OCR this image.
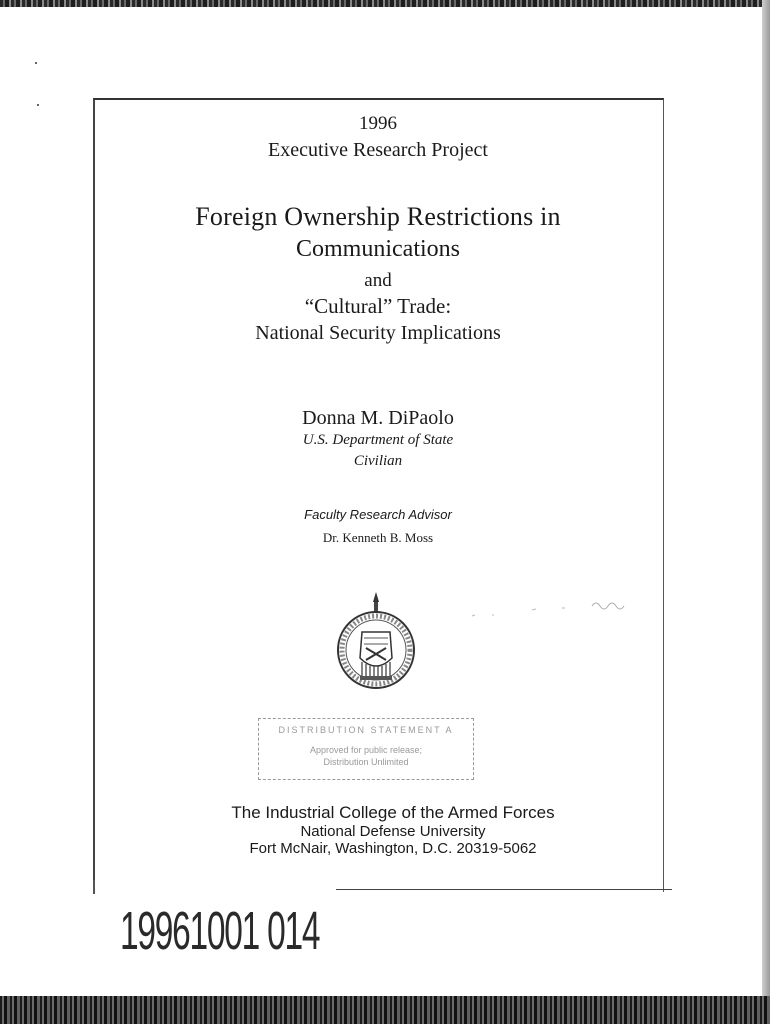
1996
Executive Research Project
Foreign Ownership Restrictions in
Communications
and
“Cultural” Trade:
National Security Implications
Donna M. DiPaolo
U.S. Department of State
Civilian
Faculty Research Advisor
Dr. Kenneth B. Moss
DISTRIBUTION STATEMENT A
Approved for public release;
Distribution Unlimited
The Industrial College of the Armed Forces
National Defense University
Fort McNair, Washington, D.C. 20319-5062
19961001 014
